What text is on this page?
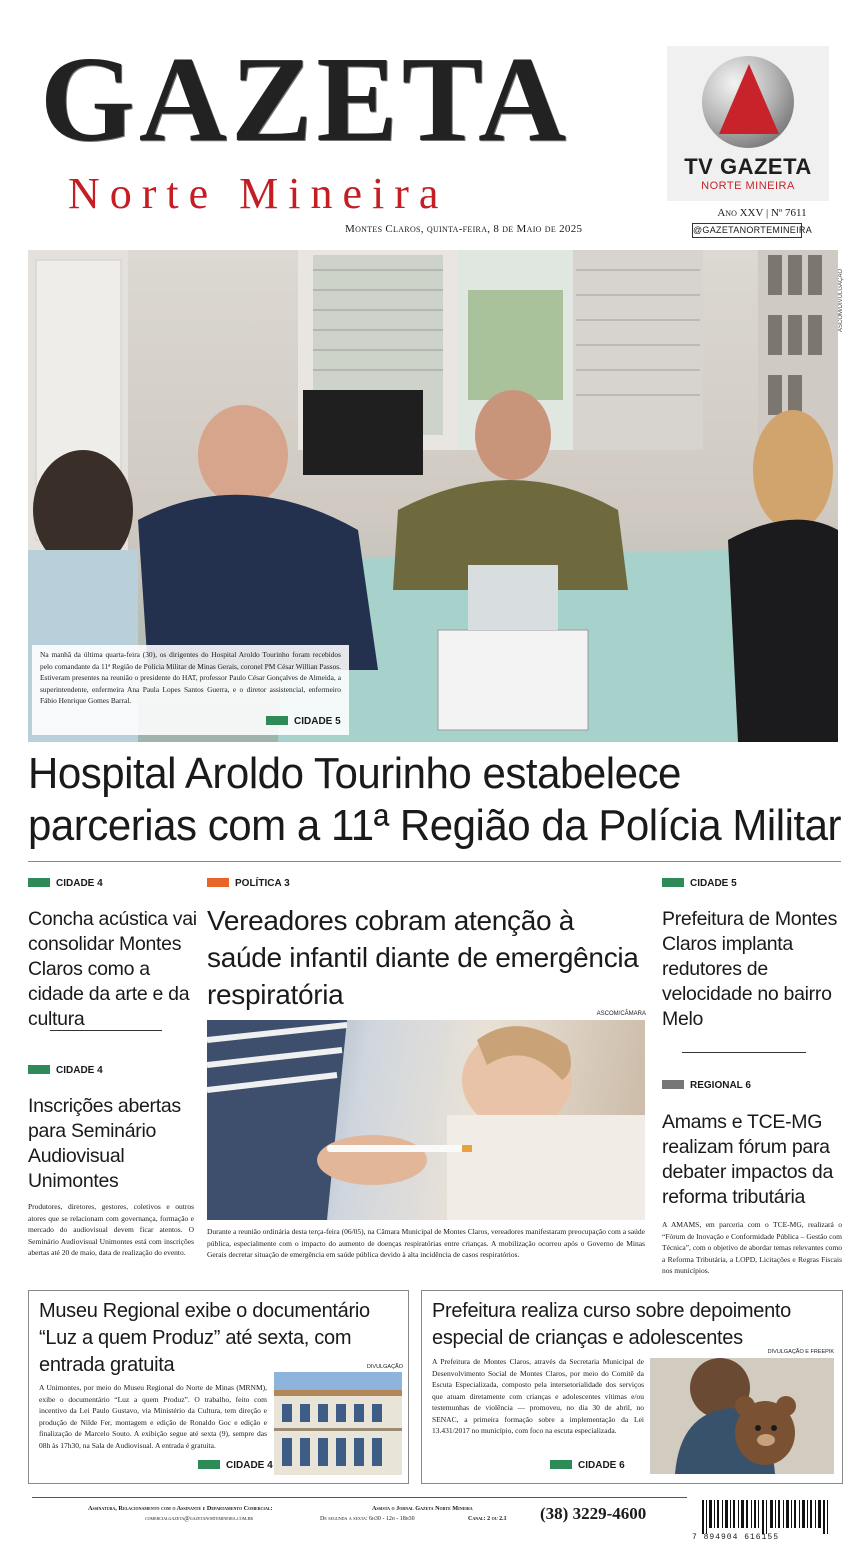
GAZETA
Norte Mineira
Montes Claros, quinta-feira, 8 de Maio de 2025
TV GAZETA
NORTE MINEIRA
Ano XXV | Nº 7611
@GAZETANORTEMINEIRA
ASCOM/DIVULGAÇÃO
Na manhã da última quarta-feira (30), os dirigentes do Hospital Aroldo Tourinho foram recebidos pelo comandante da 11ª Região de Polícia Militar de Minas Gerais, coronel PM César Willian Passos. Estiveram presentes na reunião o presidente do HAT, professor Paulo César Gonçalves de Almeida, a superintendente, enfermeira Ana Paula Lopes Santos Guerra, e o diretor assistencial, enfermeiro Fábio Henrique Gomes Barral.
CIDADE 5
Hospital Aroldo Tourinho estabelece
parcerias com a 11ª Região da Polícia Militar
CIDADE 4
Concha acústica vai consolidar Montes Claros como a cidade da arte e da cultura
CIDADE 4
Inscrições abertas para Seminário Audiovisual Unimontes
Produtores, diretores, gestores, coletivos e outros atores que se relacionam com governança, formação e mercado do audiovisual devem ficar atentos. O Seminário Audiovisual Unimontes está com inscrições abertas até 20 de maio, data de realização do evento.
POLÍTICA 3
Vereadores cobram atenção à saúde infantil diante de emergência respiratória
ASCOM/CÂMARA
Durante a reunião ordinária desta terça-feira (06/05), na Câmara Municipal de Montes Claros, vereadores manifestaram preocupação com a saúde pública, especialmente com o impacto do aumento de doenças respiratórias entre crianças. A mobilização ocorreu após o Governo de Minas Gerais decretar situação de emergência em saúde pública devido à alta incidência de casos respiratórios.
CIDADE 5
Prefeitura de Montes Claros implanta redutores de velocidade no bairro Melo
REGIONAL 6
Amams e TCE-MG realizam fórum para debater impactos da reforma tributária
A AMAMS, em parceria com o TCE-MG, realizará o “Fórum de Inovação e Conformidade Pública – Gestão com Técnica”, com o objetivo de abordar temas relevantes como a Reforma Tributária, a LOPD, Licitações e Regras Fiscais nos municípios.
Museu Regional exibe o documentário “Luz a quem Produz” até sexta, com entrada gratuita
A Unimontes, por meio do Museu Regional do Norte de Minas (MRNM), exibe o documentário “Luz a quem Produz”. O trabalho, feito com incentivo da Lei Paulo Gustavo, via Ministério da Cultura, tem direção e produção de Nilde Fer, montagem e edição de Ronaldo Goc e edição e finalização de Marcelo Souto. A exibição segue até sexta (9), sempre das 08h às 17h30, na Sala de Audiovisual. A entrada é gratuita.
DIVULGAÇÃO
CIDADE 4
Prefeitura realiza curso sobre depoimento especial de crianças e adolescentes
A Prefeitura de Montes Claros, através da Secretaria Municipal de Desenvolvimento Social de Montes Claros, por meio do Comitê da Escuta Especializada, composto pela intersetorialidade dos serviços que atuam diretamente com crianças e adolescentes vítimas e/ou testemunhas de violência — promoveu, no dia 30 de abril, no SENAC, a primeira formação sobre a implementação da Lei 13.431/2017 no município, com foco na escuta especializada.
DIVULGAÇÃO E FREEPIK
CIDADE 6
Assinatura, Relacionamento com o Assinante e Departamento Comercial:	Assista o Jornal Gazeta Norte Mineira
comercialgazeta@gazetanortemineira.com.br	De segunda a sexta: 6h30 - 12h - 18h30	Canal: 2 ou 2.1	(38) 3229-4600
7 894904 616155
